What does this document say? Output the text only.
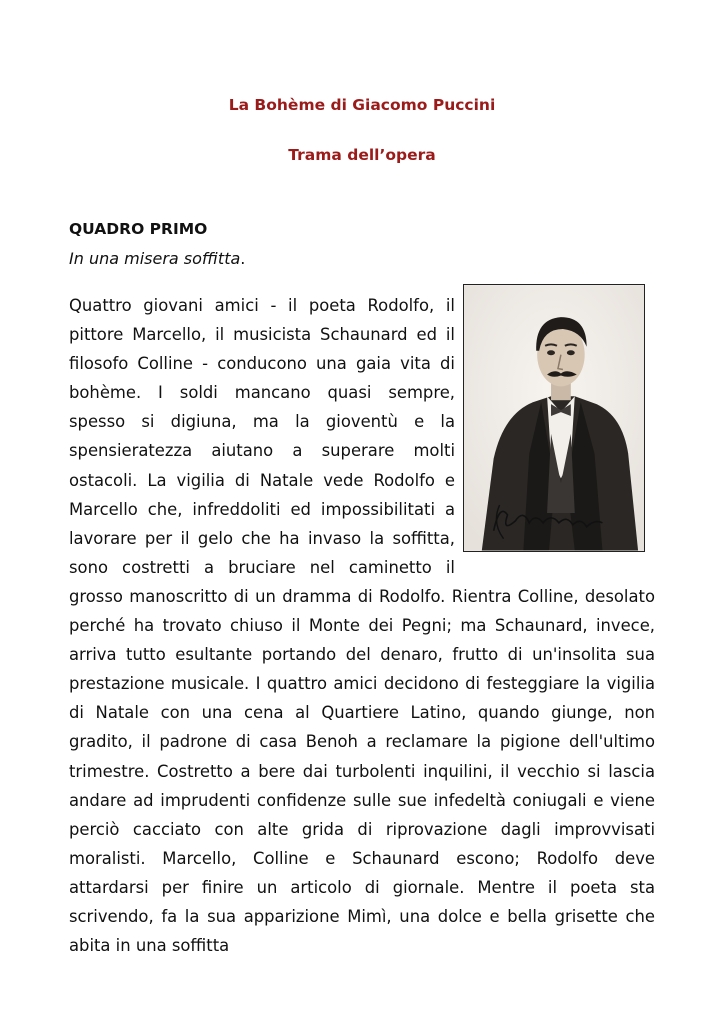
La Bohème di Giacomo Puccini
Trama dell’opera
QUADRO PRIMO
In una misera soffitta.

Quattro giovani amici - il poeta Rodolfo, il pittore Marcello, il musicista Schaunard ed il filosofo Colline - conducono una gaia vita di bohème. I soldi mancano quasi sempre, spesso si digiuna, ma la gioventù e la spensieratezza aiutano a superare molti ostacoli. La vigilia di Natale vede Rodolfo e Marcello che, infreddoliti ed impossibilitati a lavorare per il gelo che ha invaso la soffitta, sono costretti a bruciare nel caminetto il grosso manoscritto di un dramma di Rodolfo. Rientra Colline, desolato perché ha trovato chiuso il Monte dei Pegni; ma Schaunard, invece, arriva tutto esultante portando del denaro, frutto di un'insolita sua prestazione musicale. I quattro amici decidono di festeggiare la vigilia di Natale con una cena al Quartiere Latino, quando giunge, non gradito, il padrone di casa Benoh a reclamare la pigione dell'ultimo trimestre. Costretto a bere dai turbolenti inquilini, il vecchio si lascia andare ad imprudenti confidenze sulle sue infedeltà coniugali e viene perciò cacciato con alte grida di riprovazione dagli improvvisati moralisti. Marcello, Colline e Schaunard escono; Rodolfo deve attardarsi per finire un articolo di giornale. Mentre il poeta sta scrivendo, fa la sua apparizione Mimì, una dolce e bella grisette che abita in una soffitta
